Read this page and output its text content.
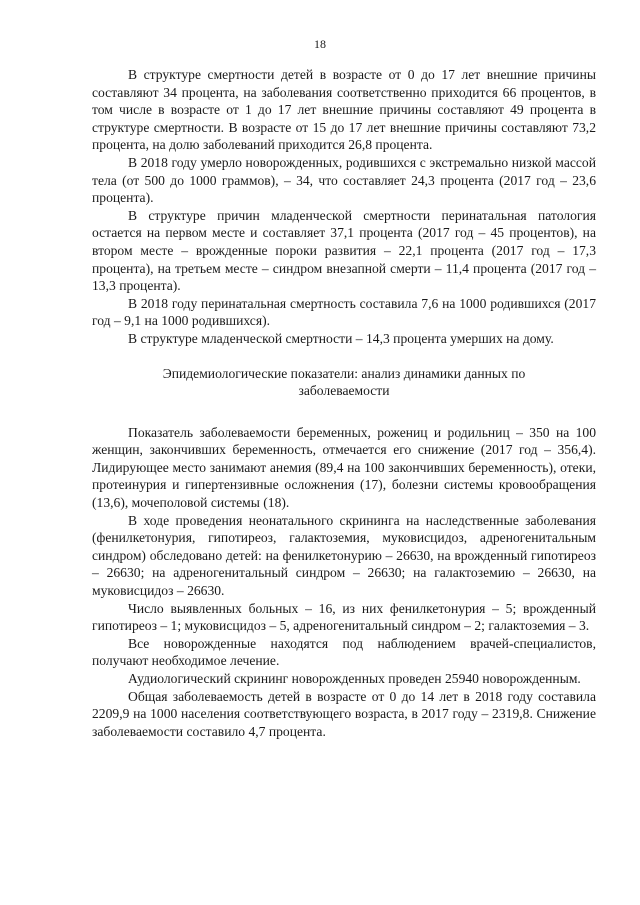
18

В структуре смертности детей в возрасте от 0 до 17 лет внешние причины составляют 34 процента, на заболевания соответственно приходится 66 процентов, в том числе в возрасте от 1 до 17 лет внешние причины составляют 49 процента в структуре смертности. В возрасте от 15 до 17 лет внешние причины составляют 73,2 процента, на долю заболеваний приходится 26,8 процента.

В 2018 году умерло новорожденных, родившихся с экстремально низкой массой тела (от 500 до 1000 граммов), – 34, что составляет 24,3 процента (2017 год – 23,6 процента).

В структуре причин младенческой смертности перинатальная патология остается на первом месте и составляет 37,1 процента (2017 год – 45 процентов), на втором месте – врожденные пороки развития – 22,1 процента (2017 год – 17,3 процента), на третьем месте – синдром внезапной смерти – 11,4 процента (2017 год – 13,3 процента).

В 2018 году перинатальная смертность составила 7,6 на 1000 родившихся (2017 год – 9,1 на 1000 родившихся).

В структуре младенческой смертности – 14,3 процента умерших на дому.

Эпидемиологические показатели: анализ динамики данных по заболеваемости

Показатель заболеваемости беременных, рожениц и родильниц – 350 на 100 женщин, закончивших беременность, отмечается его снижение (2017 год – 356,4). Лидирующее место занимают анемия (89,4 на 100 закончивших беременность), отеки, протеинурия и гипертензивные осложнения (17), болезни системы кровообращения (13,6), мочеполовой системы (18).

В ходе проведения неонатального скрининга на наследственные заболевания (фенилкетонурия, гипотиреоз, галактоземия, муковисцидоз, адреногенитальным синдром) обследовано детей: на фенилкетонурию – 26630, на врожденный гипотиреоз – 26630; на адреногенитальный синдром – 26630; на галактоземию – 26630, на муковисцидоз – 26630.

Число выявленных больных – 16, из них фенилкетонурия – 5; врожденный гипотиреоз – 1; муковисцидоз – 5, адреногенитальный синдром – 2; галактоземия – 3.

Все новорожденные находятся под наблюдением врачей-специалистов, получают необходимое лечение.

Аудиологический скрининг новорожденных проведен 25940 новорожденным.

Общая заболеваемость детей в возрасте от 0 до 14 лет в 2018 году составила 2209,9 на 1000 населения соответствующего возраста, в 2017 году – 2319,8. Снижение заболеваемости составило 4,7 процента.
